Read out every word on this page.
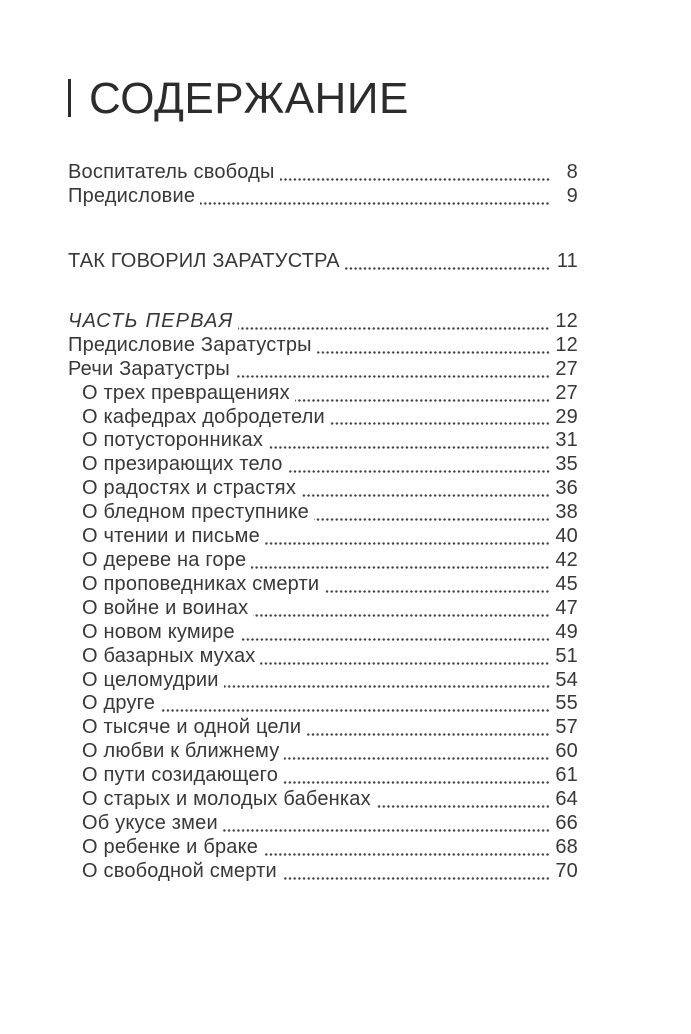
СОДЕРЖАНИЕ
Воспитатель свободы	8
Предисловие	9
ТАК ГОВОРИЛ ЗАРАТУСТРА	11
ЧАСТЬ ПЕРВАЯ	12
Предисловие Заратустры	12
Речи Заратустры	27
О трех превращениях	27
О кафедрах добродетели	29
О потусторонниках	31
О презирающих тело	35
О радостях и страстях	36
О бледном преступнике	38
О чтении и письме	40
О дереве на горе	42
О проповедниках смерти	45
О войне и воинах	47
О новом кумире	49
О базарных мухах	51
О целомудрии	54
О друге	55
О тысяче и одной цели	57
О любви к ближнему	60
О пути созидающего	61
О старых и молодых бабенках	64
Об укусе змеи	66
О ребенке и браке	68
О свободной смерти	70
